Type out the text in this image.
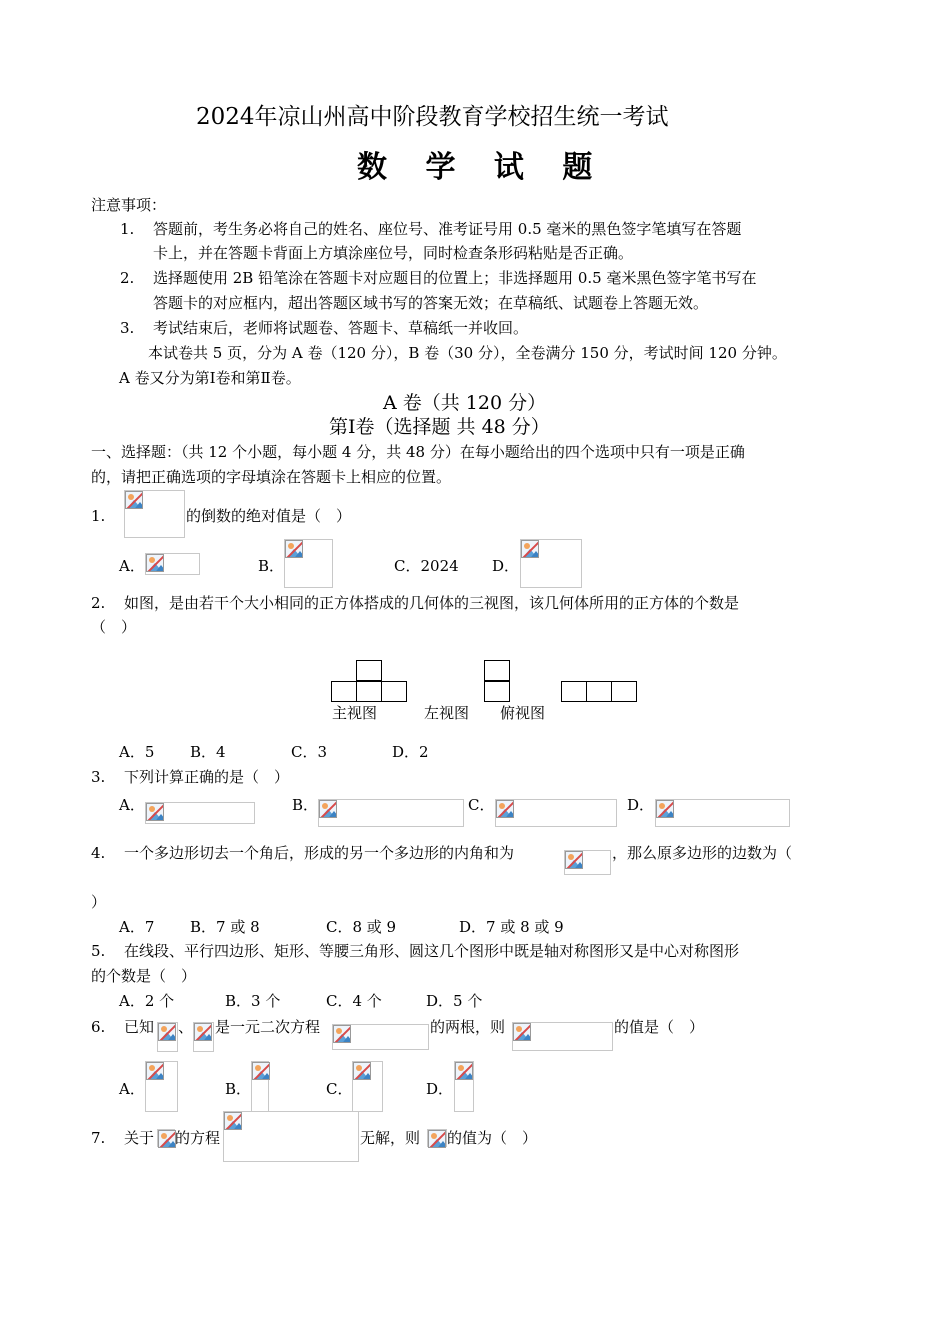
2024年凉山州高中阶段教育学校招生统一考试
数 学 试 题
注意事项：
1. 答题前，考生务必将自己的姓名、座位号、准考证号用 0.5 毫米的黑色签字笔填写在答题
卡上，并在答题卡背面上方填涂座位号，同时检查条形码粘贴是否正确。
2. 选择题使用 2B 铅笔涂在答题卡对应题目的位置上；非选择题用 0.5 毫米黑色签字笔书写在
答题卡的对应框内，超出答题区域书写的答案无效；在草稿纸、试题卷上答题无效。
3. 考试结束后，老师将试题卷、答题卡、草稿纸一并收回。
本试卷共 5 页，分为 A 卷（120 分），B 卷（30 分），全卷满分 150 分，考试时间 120 分钟。
A 卷又分为第Ⅰ卷和第Ⅱ卷。
A 卷（共 120 分）
第Ⅰ卷（选择题 共 48 分）
一、选择题：（共 12 个小题，每小题 4 分，共 48 分）在每小题给出的四个选项中只有一项是正确
的，请把正确选项的字母填涂在答题卡上相应的位置。
1.	的倒数的绝对值是（　）
A．	B．	C．2024 D．
2. 如图，是由若干个大小相同的正方体搭成的几何体的三视图，该几何体所用的正方体的个数是
（　）
主视图	左视图 俯视图
A．5 B．4	C．3	D．2
3. 下列计算正确的是（　）
A．	B．	C．	D．
4. 一个多边形切去一个角后，形成的另一个多边形的内角和为	，那么原多边形的边数为（
）
A．7 B．7 或 8	C．8 或 9	D．7 或 8 或 9
5. 在线段、平行四边形、矩形、等腰三角形、圆这几个图形中既是轴对称图形又是中心对称图形
的个数是（　）
A．2 个	B．3 个	C．4 个	D．5 个
6. 已知 、 是一元二次方程	的两根，则	的值是（　）
A．	B．	C．	D．
7. 关于 的方程	无解，则 的值为（　）
